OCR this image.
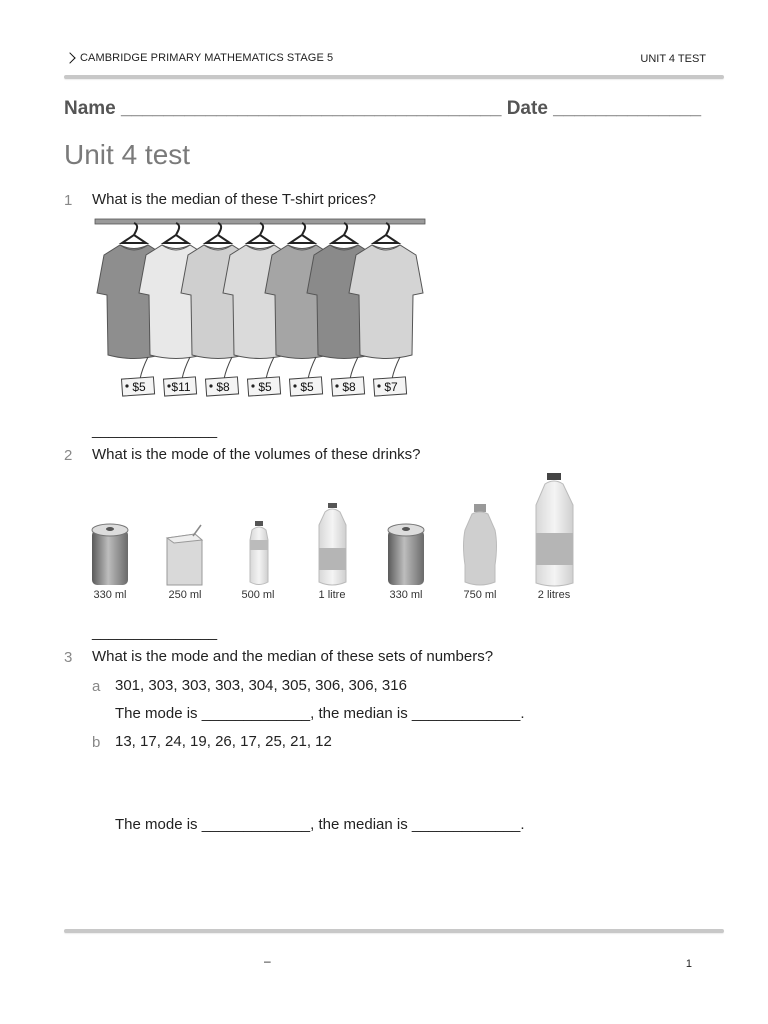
CAMBRIDGE PRIMARY MATHEMATICS STAGE 5	UNIT 4 TEST
Name ____________________________________ Date ______________
Unit 4 test
1 What is the median of these T-shirt prices?
$5 $11 $8 $5 $5 $8 $7
_______________
2 What is the mode of the volumes of these drinks?
330 ml	250 ml	500 ml	1 litre	330 ml	750 ml	2 litres
_______________
3 What is the mode and the median of these sets of numbers?
a 301, 303, 303, 303, 304, 305, 306, 306, 316
The mode is _____________, the median is _____________.
b 13, 17, 24, 19, 26, 17, 25, 21, 12
The mode is _____________, the median is _____________.
–	1
